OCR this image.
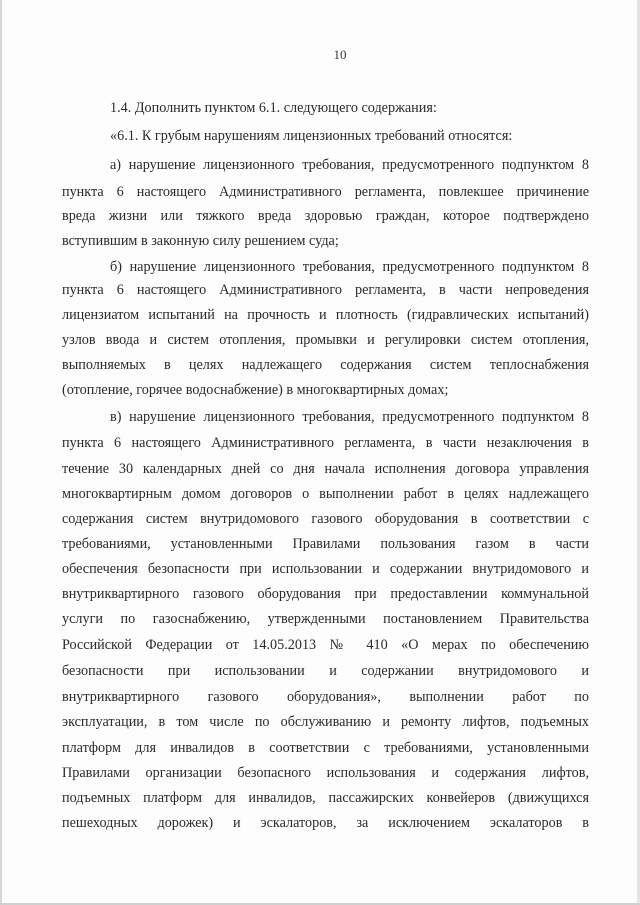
10
1.4. Дополнить пунктом 6.1. следующего содержания:
«6.1. К грубым нарушениям лицензионных требований относятся:
а) нарушение лицензионного требования, предусмотренного подпунктом 8
пункта 6 настоящего Административного регламента, повлекшее причинение
вреда жизни или тяжкого вреда здоровью граждан, которое подтверждено
вступившим в законную силу решением суда;
б) нарушение лицензионного требования, предусмотренного подпунктом 8
пункта 6 настоящего Административного регламента, в части непроведения
лицензиатом испытаний на прочность и плотность (гидравлических испытаний)
узлов ввода и систем отопления, промывки и регулировки систем отопления,
выполняемых в целях надлежащего содержания систем теплоснабжения
(отопление, горячее водоснабжение) в многоквартирных домах;
в) нарушение лицензионного требования, предусмотренного подпунктом 8
пункта 6 настоящего Административного регламента, в части незаключения в
течение 30 календарных дней со дня начала исполнения договора управления
многоквартирным домом договоров о выполнении работ в целях надлежащего
содержания систем внутридомового газового оборудования в соответствии с
требованиями, установленными Правилами пользования газом в части
обеспечения безопасности при использовании и содержании внутридомового и
внутриквартирного газового оборудования при предоставлении коммунальной
услуги по газоснабжению, утвержденными постановлением Правительства
Российской Федерации от 14.05.2013 № 410 «О мерах по обеспечению
безопасности при использовании и содержании внутридомового и
внутриквартирного газового оборудования», выполнении работ по
эксплуатации, в том числе по обслуживанию и ремонту лифтов, подъемных
платформ для инвалидов в соответствии с требованиями, установленными
Правилами организации безопасного использования и содержания лифтов,
подъемных платформ для инвалидов, пассажирских конвейеров (движущихся
пешеходных дорожек) и эскалаторов, за исключением эскалаторов в
ˇ
˙ ˙
